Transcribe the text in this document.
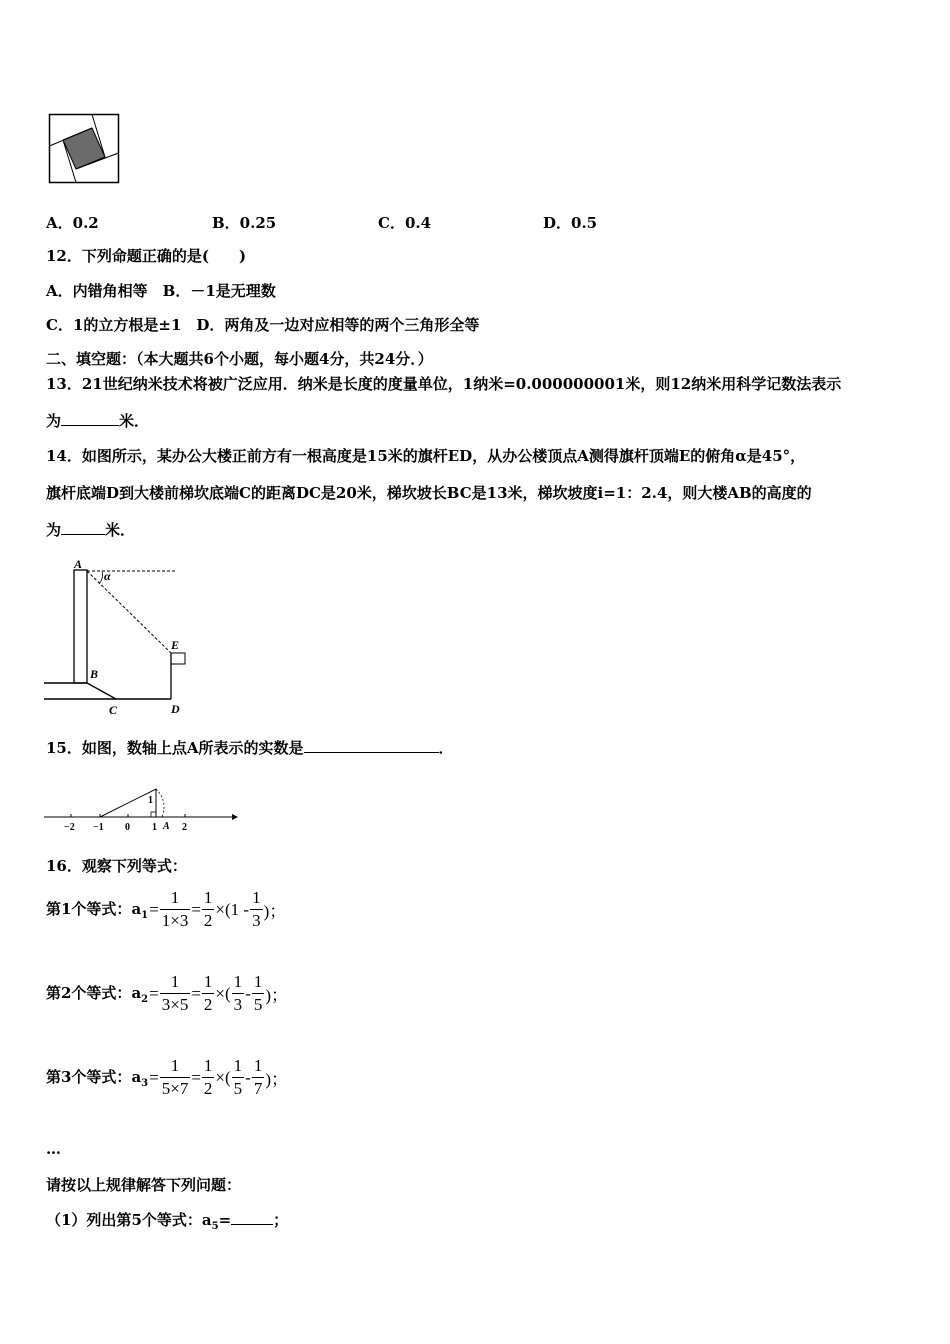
A．0.2	B．0.25	C．0.4	D．0.5
12．下列命题正确的是(　　)
A．内错角相等　B．－1是无理数
C．1的立方根是±1　D．两角及一边对应相等的两个三角形全等
二、填空题：（本大题共6个小题，每小题4分，共24分．）
13．21世纪纳米技术将被广泛应用．纳米是长度的度量单位，1纳米=0.000000001米，则12纳米用科学记数法表示
为	米．
14．如图所示，某办公大楼正前方有一根高度是15米的旗杆ED，从办公楼顶点A测得旗杆顶端E的俯角α是45°，
旗杆底端D到大楼前梯坎底端C的距离DC是20米，梯坎坡长BC是13米，梯坎坡度i=1：2.4，则大楼AB的高度的
为	米．
A
α
E
B
C	D
15．如图，数轴上点A所表示的实数是	．
−2 −1 0 1	2
A
1
16．观察下列等式：
第1个等式：$a_1 = \frac{1}{1\times 3} = \frac{1}{2} \times(1 - \frac{1}{3}$ )；
第2个等式：$a_2 = \frac{1}{3\times 5} = \frac{1}{2}$ ×( $\frac{1}{3} - \frac{1}{5}$ )；
第3个等式：$a_3 = \frac{1}{5\times 7} = \frac{1}{2}$ ×( $\frac{1}{5} - \frac{1}{7}$ )；
…
请按以上规律解答下列问题：
（1）列出第5个等式：$a_5=$	；
